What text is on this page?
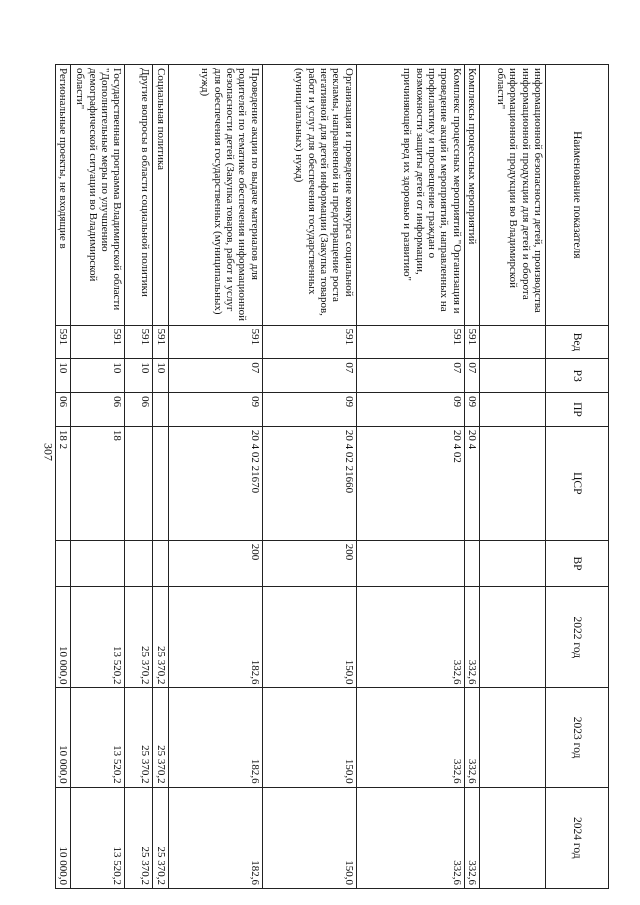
307
Наименование показателя	Вед	РЗ	ПР	ЦСР	ВР	2022 год	2023 год	2024 год
информационной безопасности детей, производства информационной продукции для детей и оборота информационной продукции во Владимирской области"								
Комплексы процессных мероприятий	591	07	09	20 4		332,6	332,6	332,6
Комплекс процессных мероприятий "Организация и проведение акций и мероприятий, направленных на профилактику и просвещение граждан о возможности защиты детей от информации, причиняющей вред их здоровью и развитию"	591	07	09	20 4 02		332,6	332,6	332,6
Организация и проведение конкурса социальной рекламы, направленной на предотвращение роста негативной для детей информации (Закупка товаров, работ и услуг для обеспечения государственных (муниципальных) нужд)	591	07	09	20 4 02 21660	200	150,0	150,0	150,0
Проведение акции по выдаче материалов для родителей по тематике обеспечения информационной безопасности детей (Закупка товаров, работ и услуг для обеспечения государственных (муниципальных) нужд)	591	07	09	20 4 02 21670	200	182,6	182,6	182,6
Социальная политика	591	10				25 370,2	25 370,2	25 370,2
Другие вопросы в области социальной политики	591	10	06			25 370,2	25 370,2	25 370,2
Государственная программа Владимирской области "Дополнительные меры по улучшению демографической ситуации во Владимирской области"	591	10	06	18		13 520,2	13 520,2	13 520,2
Региональные проекты, не входящие в	591	10	06	18 2		10 000,0	10 000,0	10 000,0
